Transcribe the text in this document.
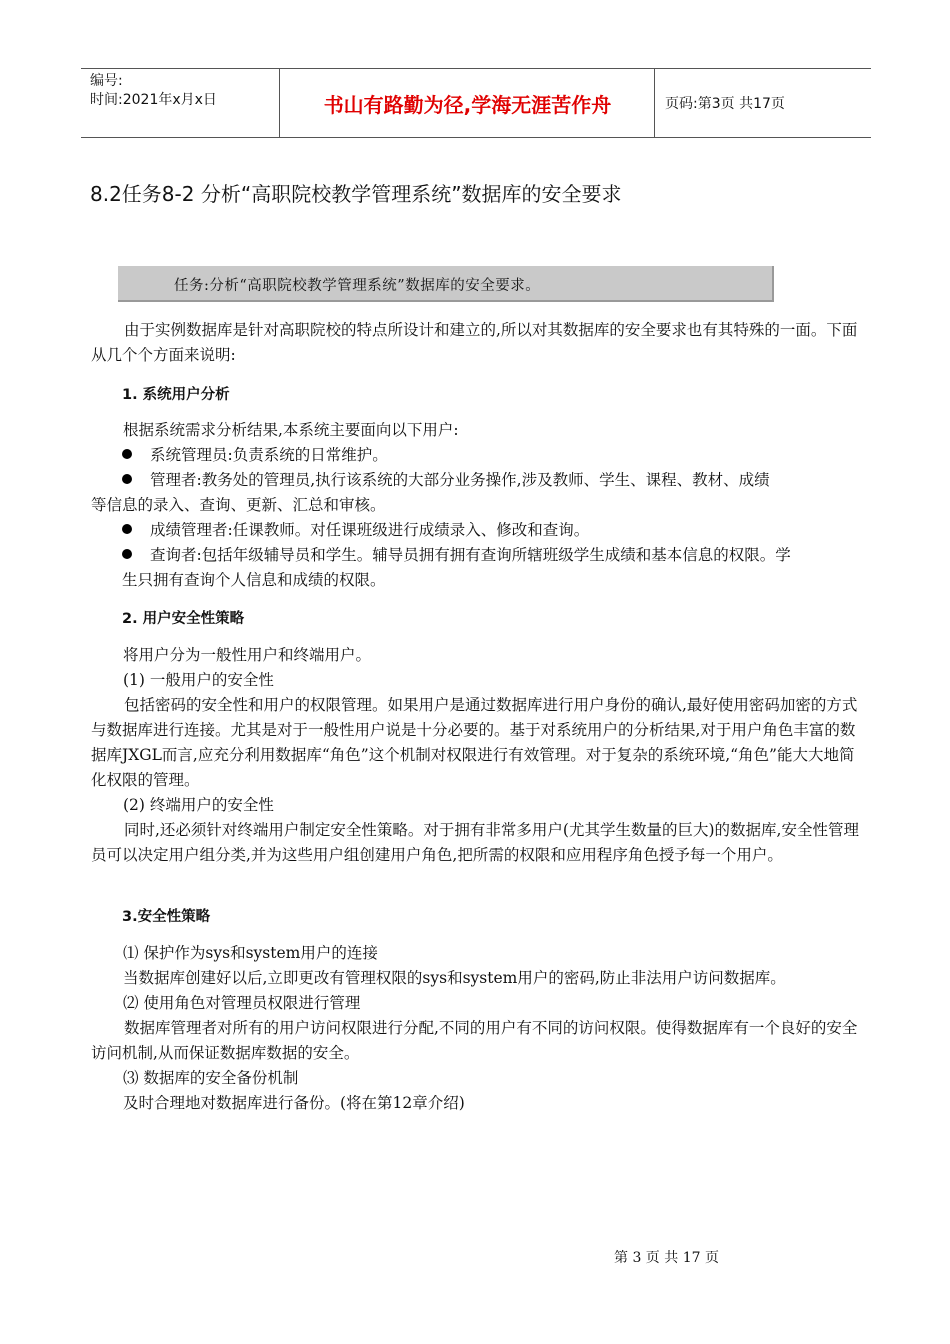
编号:
时间:2021年x月x日	书山有路勤为径,学海无涯苦作舟	页码:第3页 共17页
8.2任务8-2 分析“高职院校教学管理系统”数据库的安全要求
任务:分析“高职院校教学管理系统”数据库的安全要求。
由于实例数据库是针对高职院校的特点所设计和建立的,所以对其数据库的安全要求也有其特殊的一面。下面从几个个方面来说明:
1. 系统用户分析
根据系统需求分析结果,本系统主要面向以下用户:
系统管理员:负责系统的日常维护。
管理者:教务处的管理员,执行该系统的大部分业务操作,涉及教师、学生、课程、教材、成绩
等信息的录入、查询、更新、汇总和审核。
成绩管理者:任课教师。对任课班级进行成绩录入、修改和查询。
查询者:包括年级辅导员和学生。辅导员拥有拥有查询所辖班级学生成绩和基本信息的权限。学
生只拥有查询个人信息和成绩的权限。
2. 用户安全性策略
将用户分为一般性用户和终端用户。
(1) 一般用户的安全性
包括密码的安全性和用户的权限管理。如果用户是通过数据库进行用户身份的确认,最好使用密码加密的方式与数据库进行连接。尤其是对于一般性用户说是十分必要的。基于对系统用户的分析结果,对于用户角色丰富的数据库JXGL而言,应充分利用数据库“角色”这个机制对权限进行有效管理。对于复杂的系统环境,“角色”能大大地简化权限的管理。
(2) 终端用户的安全性
同时,还必须针对终端用户制定安全性策略。对于拥有非常多用户(尤其学生数量的巨大)的数据库,安全性管理员可以决定用户组分类,并为这些用户组创建用户角色,把所需的权限和应用程序角色授予每一个用户。
3.安全性策略
⑴ 保护作为sys和system用户的连接
当数据库创建好以后,立即更改有管理权限的sys和system用户的密码,防止非法用户访问数据库。
⑵ 使用角色对管理员权限进行管理
数据库管理者对所有的用户访问权限进行分配,不同的用户有不同的访问权限。使得数据库有一个良好的安全访问机制,从而保证数据库数据的安全。
⑶ 数据库的安全备份机制
及时合理地对数据库进行备份。(将在第12章介绍)
第 3 页 共 17 页
